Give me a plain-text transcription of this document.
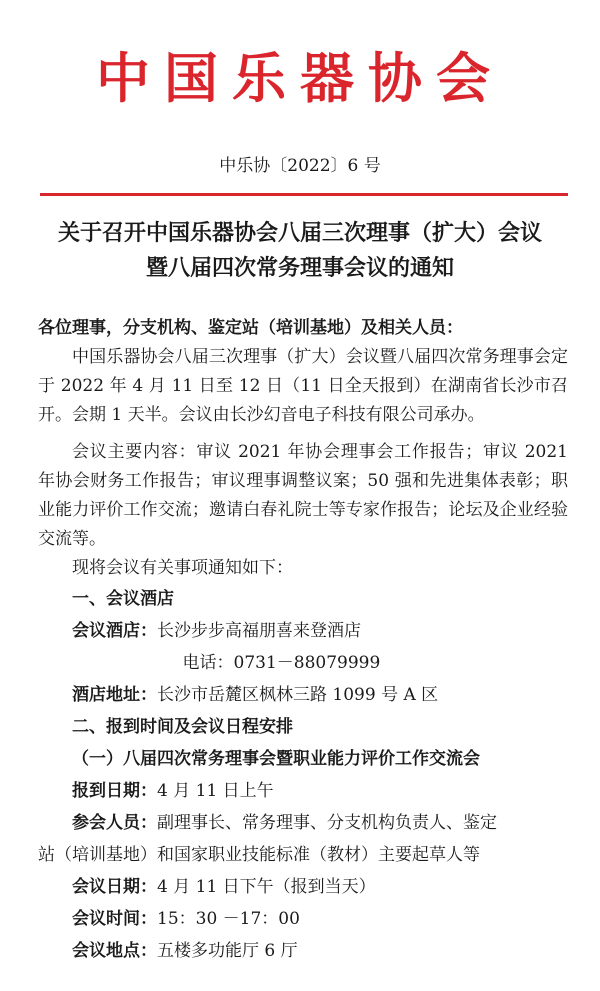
中国乐器协会
中乐协〔2022〕6 号
关于召开中国乐器协会八届三次理事（扩大）会议
暨八届四次常务理事会议的通知

各位理事，分支机构、鉴定站（培训基地）及相关人员：

中国乐器协会八届三次理事（扩大）会议暨八届四次常务理事会定于 2022 年 4 月 11 日至 12 日（11 日全天报到）在湖南省长沙市召开。会期 1 天半。会议由长沙幻音电子科技有限公司承办。

会议主要内容：审议 2021 年协会理事会工作报告；审议 2021 年协会财务工作报告；审议理事调整议案；50 强和先进集体表彰；职业能力评价工作交流；邀请白春礼院士等专家作报告；论坛及企业经验交流等。

现将会议有关事项通知如下：

一、会议酒店

会议酒店：长沙步步高福朋喜来登酒店

电话：0731－88079999

酒店地址：长沙市岳麓区枫林三路 1099 号 A 区

二、报到时间及会议日程安排

（一）八届四次常务理事会暨职业能力评价工作交流会

报到日期：4 月 11 日上午

参会人员：副理事长、常务理事、分支机构负责人、鉴定

站（培训基地）和国家职业技能标准（教材）主要起草人等

会议日期：4 月 11 日下午（报到当天）

会议时间：15：30 －17：00

会议地点：五楼多功能厅 6 厅
